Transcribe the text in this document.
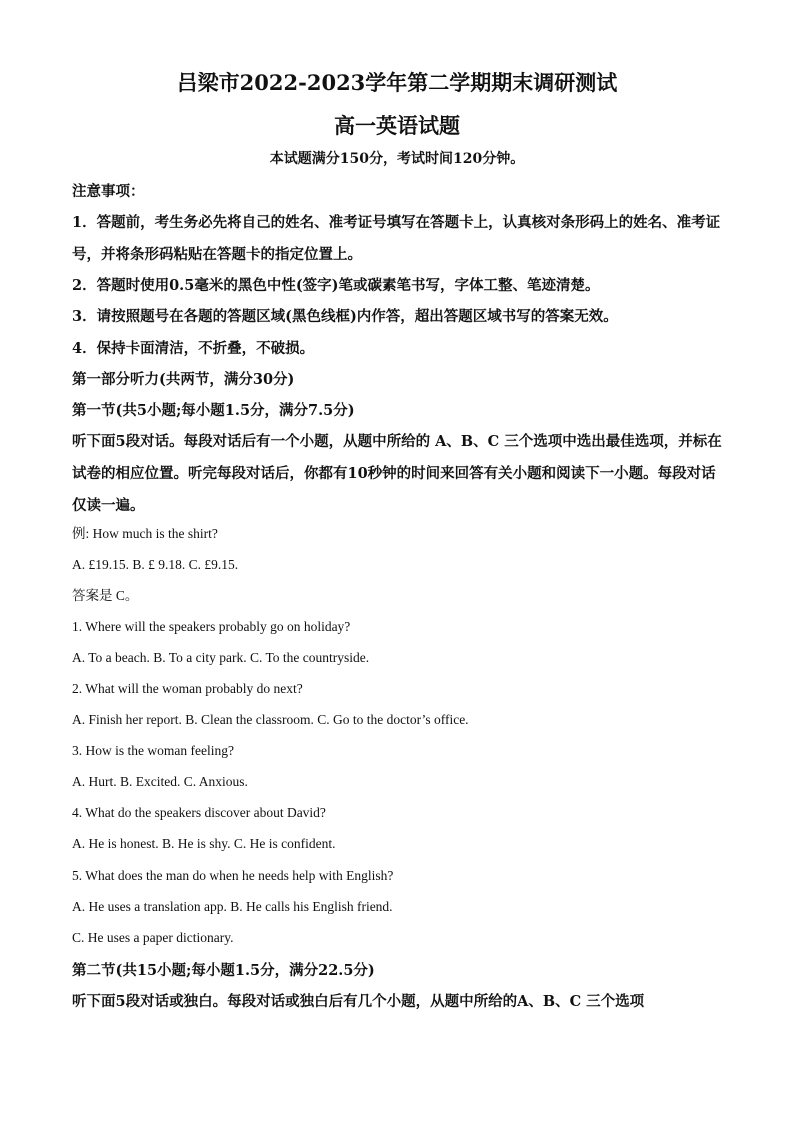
吕梁市2022-2023学年第二学期期末调研测试
高一英语试题

本试题满分150分，考试时间120分钟。

注意事项：

1．答题前，考生务必先将自己的姓名、准考证号填写在答题卡上，认真核对条形码上的姓名、准考证号，并将条形码粘贴在答题卡的指定位置上。

2．答题时使用0.5毫米的黑色中性(签字)笔或碳素笔书写，字体工整、笔迹清楚。

3．请按照题号在各题的答题区域(黑色线框)内作答，超出答题区域书写的答案无效。

4．保持卡面清洁，不折叠，不破损。

第一部分听力(共两节，满分30分)

第一节(共5小题;每小题1.5分，满分7.5分)

听下面5段对话。每段对话后有一个小题，从题中所给的 A、B、C 三个选项中选出最佳选项，并标在试卷的相应位置。听完每段对话后，你都有10秒钟的时间来回答有关小题和阅读下一小题。每段对话仅读一遍。

例: How much is the shirt?

A. £19.15. B. £ 9.18. C. £9.15.

答案是 C。

1. Where will the speakers probably go on holiday?

A. To a beach. B. To a city park. C. To the countryside.

2. What will the woman probably do next?

A. Finish her report. B. Clean the classroom. C. Go to the doctor’s office.

3. How is the woman feeling?

A. Hurt. B. Excited. C. Anxious.

4. What do the speakers discover about David?

A. He is honest. B. He is shy. C. He is confident.

5. What does the man do when he needs help with English?

A. He uses a translation app. B. He calls his English friend.

C. He uses a paper dictionary.

第二节(共15小题;每小题1.5分，满分22.5分)

听下面5段对话或独白。每段对话或独白后有几个小题，从题中所给的A、B、C 三个选项
